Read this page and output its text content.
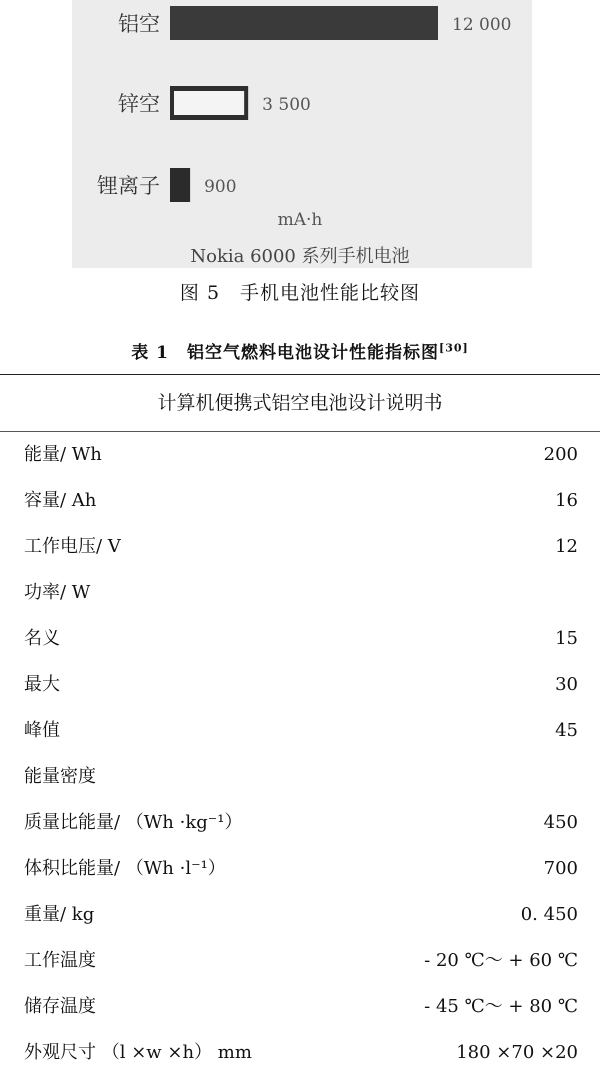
铝空	12 000
锌空	3 500
锂离子	900
mA·h
Nokia 6000 系列手机电池
图 5　手机电池性能比较图
表 1　铝空气燃料电池设计性能指标图[30]
计算机便携式铝空电池设计说明书
能量/ Wh	200
容量/ Ah	16
工作电压/ V	12
功率/ W
名义	15
最大	30
峰值	45
能量密度
质量比能量/ （Wh ·kg⁻¹）	450
体积比能量/ （Wh ·l⁻¹）	700
重量/ kg	0. 450
工作温度	- 20 ℃～ + 60 ℃
储存温度	- 45 ℃～ + 80 ℃
外观尺寸 （l ×w ×h） mm	180 ×70 ×20
